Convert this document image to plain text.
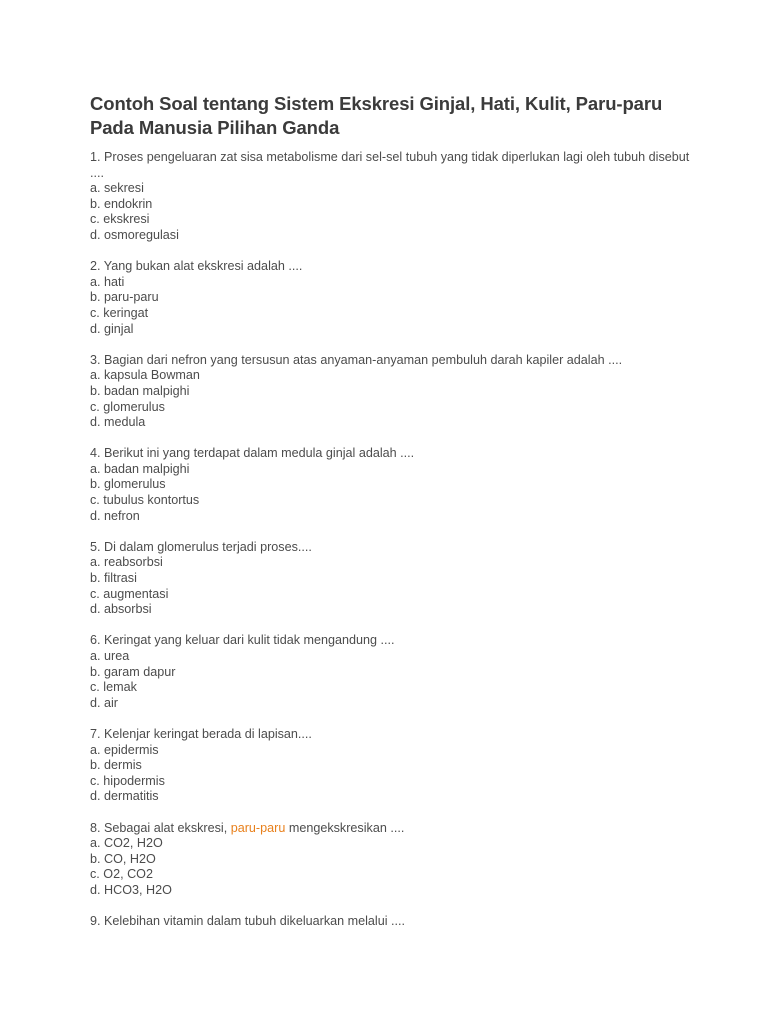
Contoh Soal tentang Sistem Ekskresi Ginjal, Hati, Kulit, Paru-paru Pada Manusia Pilihan Ganda
1. Proses pengeluaran zat sisa metabolisme dari sel-sel tubuh yang tidak diperlukan lagi oleh tubuh disebut ....
a. sekresi
b. endokrin
c. ekskresi
d. osmoregulasi
2. Yang bukan alat ekskresi adalah ....
a. hati
b. paru-paru
c. keringat
d. ginjal
3. Bagian dari nefron yang tersusun atas anyaman-anyaman pembuluh darah kapiler adalah ....
a. kapsula Bowman
b. badan malpighi
c. glomerulus
d. medula
4. Berikut ini yang terdapat dalam medula ginjal adalah ....
a. badan malpighi
b. glomerulus
c. tubulus kontortus
d. nefron
5. Di dalam glomerulus terjadi proses....
a. reabsorbsi
b. filtrasi
c. augmentasi
d. absorbsi
6. Keringat yang keluar dari kulit tidak mengandung ....
a. urea
b. garam dapur
c. lemak
d. air
7. Kelenjar keringat berada di lapisan....
a. epidermis
b. dermis
c. hipodermis
d. dermatitis
8. Sebagai alat ekskresi, paru-paru mengekskresikan ....
a. CO2, H2O
b. CO, H2O
c. O2, CO2
d. HCO3, H2O
9. Kelebihan vitamin dalam tubuh dikeluarkan melalui ....
